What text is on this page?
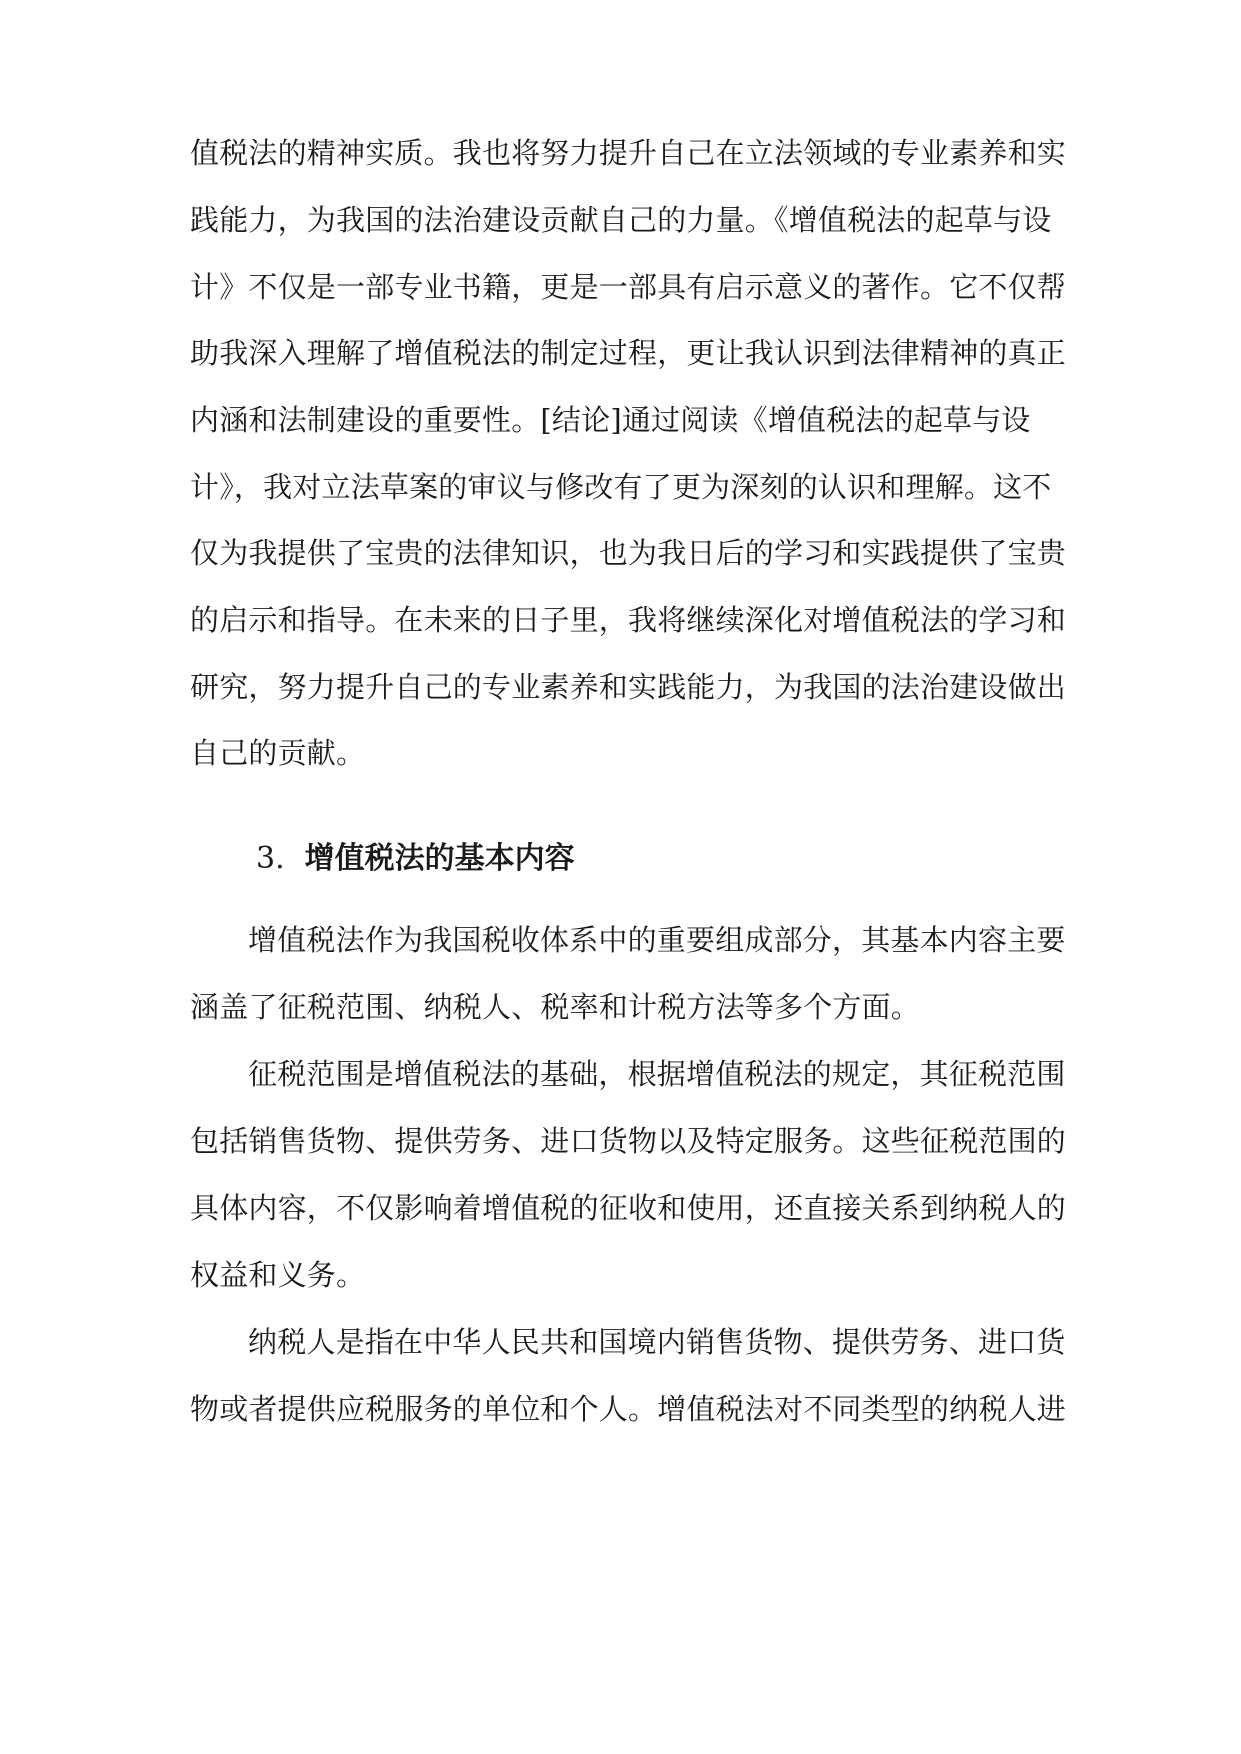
值税法的精神实质。我也将努力提升自己在立法领域的专业素养和实
践能力，为我国的法治建设贡献自己的力量。《增值税法的起草与设
计》不仅是一部专业书籍，更是一部具有启示意义的著作。它不仅帮
助我深入理解了增值税法的制定过程，更让我认识到法律精神的真正
内涵和法制建设的重要性。[结论]通过阅读《增值税法的起草与设
计》，我对立法草案的审议与修改有了更为深刻的认识和理解。这不
仅为我提供了宝贵的法律知识，也为我日后的学习和实践提供了宝贵
的启示和指导。在未来的日子里，我将继续深化对增值税法的学习和
研究，努力提升自己的专业素养和实践能力，为我国的法治建设做出
自己的贡献。
3. 增值税法的基本内容
增值税法作为我国税收体系中的重要组成部分，其基本内容主要
涵盖了征税范围、纳税人、税率和计税方法等多个方面。
征税范围是增值税法的基础，根据增值税法的规定，其征税范围
包括销售货物、提供劳务、进口货物以及特定服务。这些征税范围的
具体内容，不仅影响着增值税的征收和使用，还直接关系到纳税人的
权益和义务。
纳税人是指在中华人民共和国境内销售货物、提供劳务、进口货
物或者提供应税服务的单位和个人。增值税法对不同类型的纳税人进
